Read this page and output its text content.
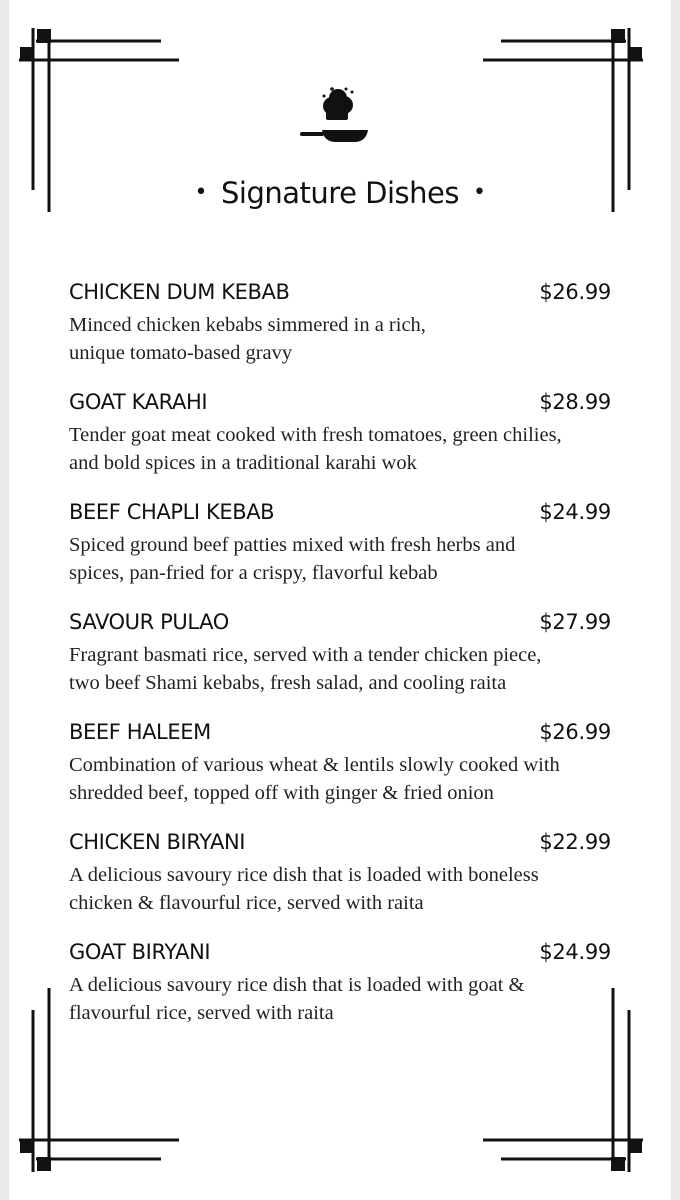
• Signature Dishes •
CHICKEN DUM KEBAB	$26.99
Minced chicken kebabs simmered in a rich,
unique tomato-based gravy
GOAT KARAHI	$28.99
Tender goat meat cooked with fresh tomatoes, green chilies,
and bold spices in a traditional karahi wok
BEEF CHAPLI KEBAB	$24.99
Spiced ground beef patties mixed with fresh herbs and
spices, pan-fried for a crispy, flavorful kebab
SAVOUR PULAO	$27.99
Fragrant basmati rice, served with a tender chicken piece,
two beef Shami kebabs, fresh salad, and cooling raita
BEEF HALEEM	$26.99
Combination of various wheat & lentils slowly cooked with
shredded beef, topped off with ginger & fried onion
CHICKEN BIRYANI	$22.99
A delicious savoury rice dish that is loaded with boneless
chicken & flavourful rice, served with raita
GOAT BIRYANI	$24.99
A delicious savoury rice dish that is loaded with goat &
flavourful rice, served with raita
